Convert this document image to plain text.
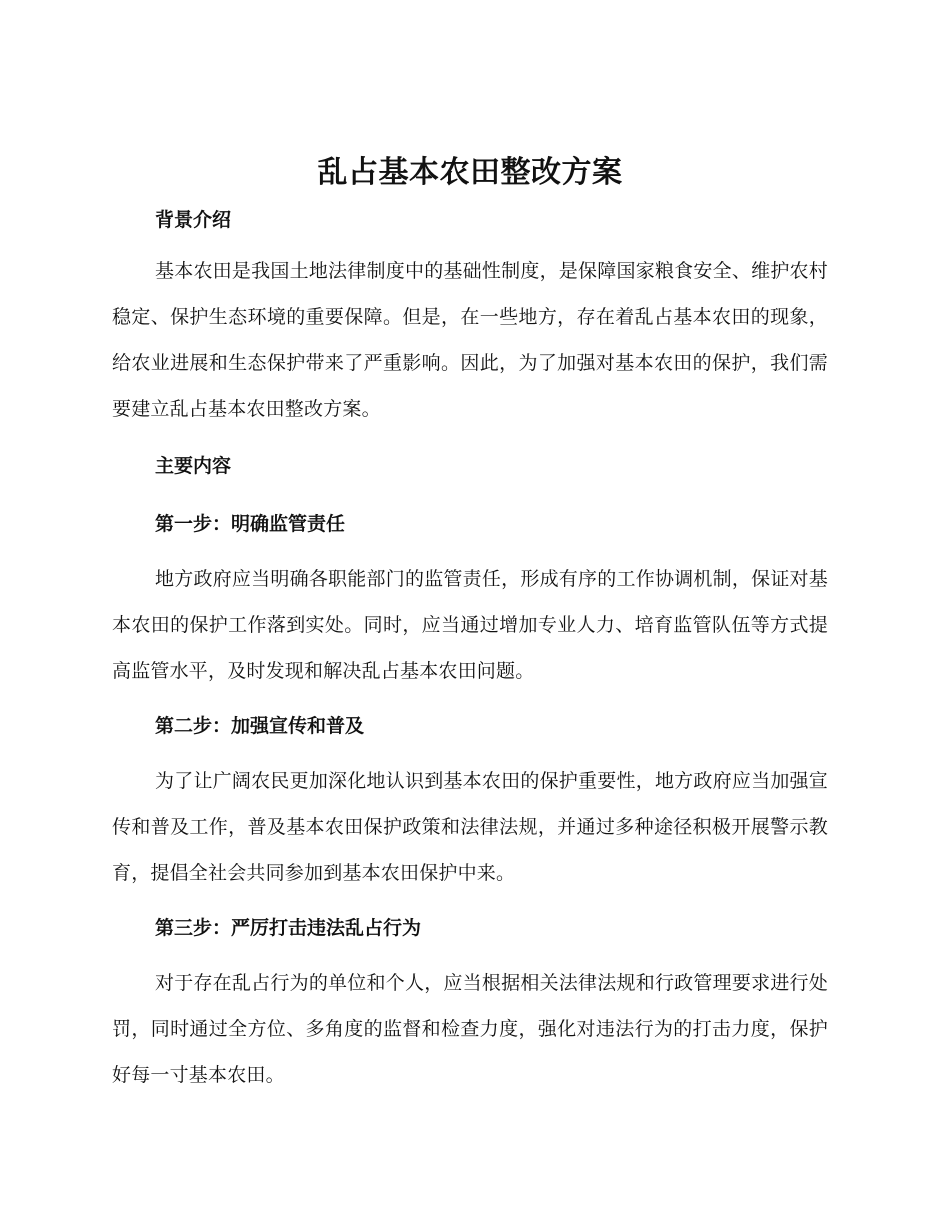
乱占基本农田整改方案

背景介绍

基本农田是我国土地法律制度中的基础性制度，是保障国家粮食安全、维护农村稳定、保护生态环境的重要保障。但是，在一些地方，存在着乱占基本农田的现象，给农业进展和生态保护带来了严重影响。因此，为了加强对基本农田的保护，我们需要建立乱占基本农田整改方案。

主要内容

第一步：明确监管责任

地方政府应当明确各职能部门的监管责任，形成有序的工作协调机制，保证对基本农田的保护工作落到实处。同时，应当通过增加专业人力、培育监管队伍等方式提高监管水平，及时发现和解决乱占基本农田问题。

第二步：加强宣传和普及

为了让广阔农民更加深化地认识到基本农田的保护重要性，地方政府应当加强宣传和普及工作，普及基本农田保护政策和法律法规，并通过多种途径积极开展警示教育，提倡全社会共同参加到基本农田保护中来。

第三步：严厉打击违法乱占行为

对于存在乱占行为的单位和个人，应当根据相关法律法规和行政管理要求进行处罚，同时通过全方位、多角度的监督和检查力度，强化对违法行为的打击力度，保护好每一寸基本农田。
